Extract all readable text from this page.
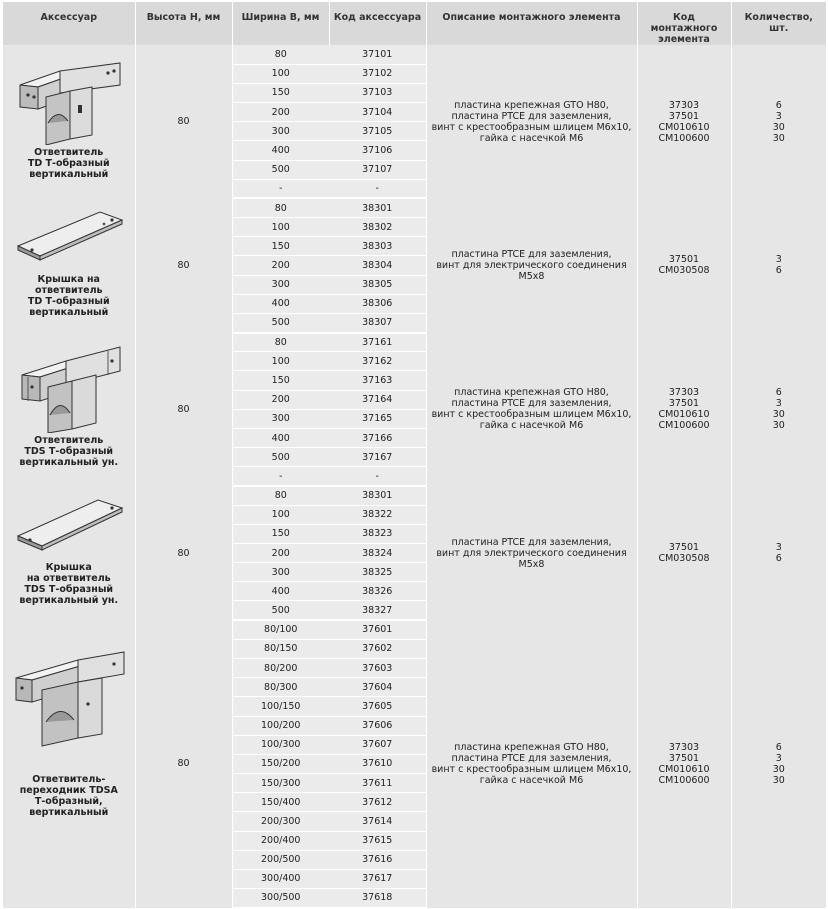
Аксессуар	Высота H, мм	Ширина B, мм	Код аксессуара	Описание монтажного элемента	Код монтажного элемента	Количество, шт.

Ответвитель
TD Т-образный
вертикальный	80	80	37101	пластина крепежная GTO H80,
пластина PTCE для заземления,
винт с крестообразным шлицем М6х10,
гайка с насечкой М6	37303
37501
CM010610
CM100600	6
3
30
30

		100	37102			
		150	37103			
		200	37104			
		300	37105			
		400	37106			
		500	37107			
		-	-			

Крышка на
ответвитель
TD Т-образный
вертикальный	80	80	38301	пластина PTCE для заземления,
винт для электрического соединения
М5х8	37501
CM030508	3
6

		100	38302			
		150	38303			
		200	38304			
		300	38305			
		400	38306			
		500	38307			

Ответвитель
TDS Т-образный
вертикальный ун.	80	80	37161	пластина крепежная GTO H80,
пластина PTCE для заземления,
винт с крестообразным шлицем М6х10,
гайка с насечкой М6	37303
37501
CM010610
CM100600	6
3
30
30

		100	37162			
		150	37163			
		200	37164			
		300	37165			
		400	37166			
		500	37167			
		-	-			

Крышка
на ответвитель
TDS Т-образный
вертикальный ун.	80	80	38301	пластина PTCE для заземления,
винт для электрического соединения
М5х8	37501
CM030508	3
6

		100	38322			
		150	38323			
		200	38324			
		300	38325			
		400	38326			
		500	38327			

Ответвитель-
переходник TDSA
Т-образный,
вертикальный	80	80/100	37601	пластина крепежная GTO H80,
пластина PTCE для заземления,
винт с крестообразным шлицем М6х10,
гайка с насечкой М6	37303
37501
CM010610
CM100600	6
3
30
30

		80/150	37602			
		80/200	37603			
		80/300	37604			
		100/150	37605			
		100/200	37606			
		100/300	37607			
		150/200	37610			
		150/300	37611			
		150/400	37612			
		200/300	37614			
		200/400	37615			
		200/500	37616			
		300/400	37617			
		300/500	37618			
